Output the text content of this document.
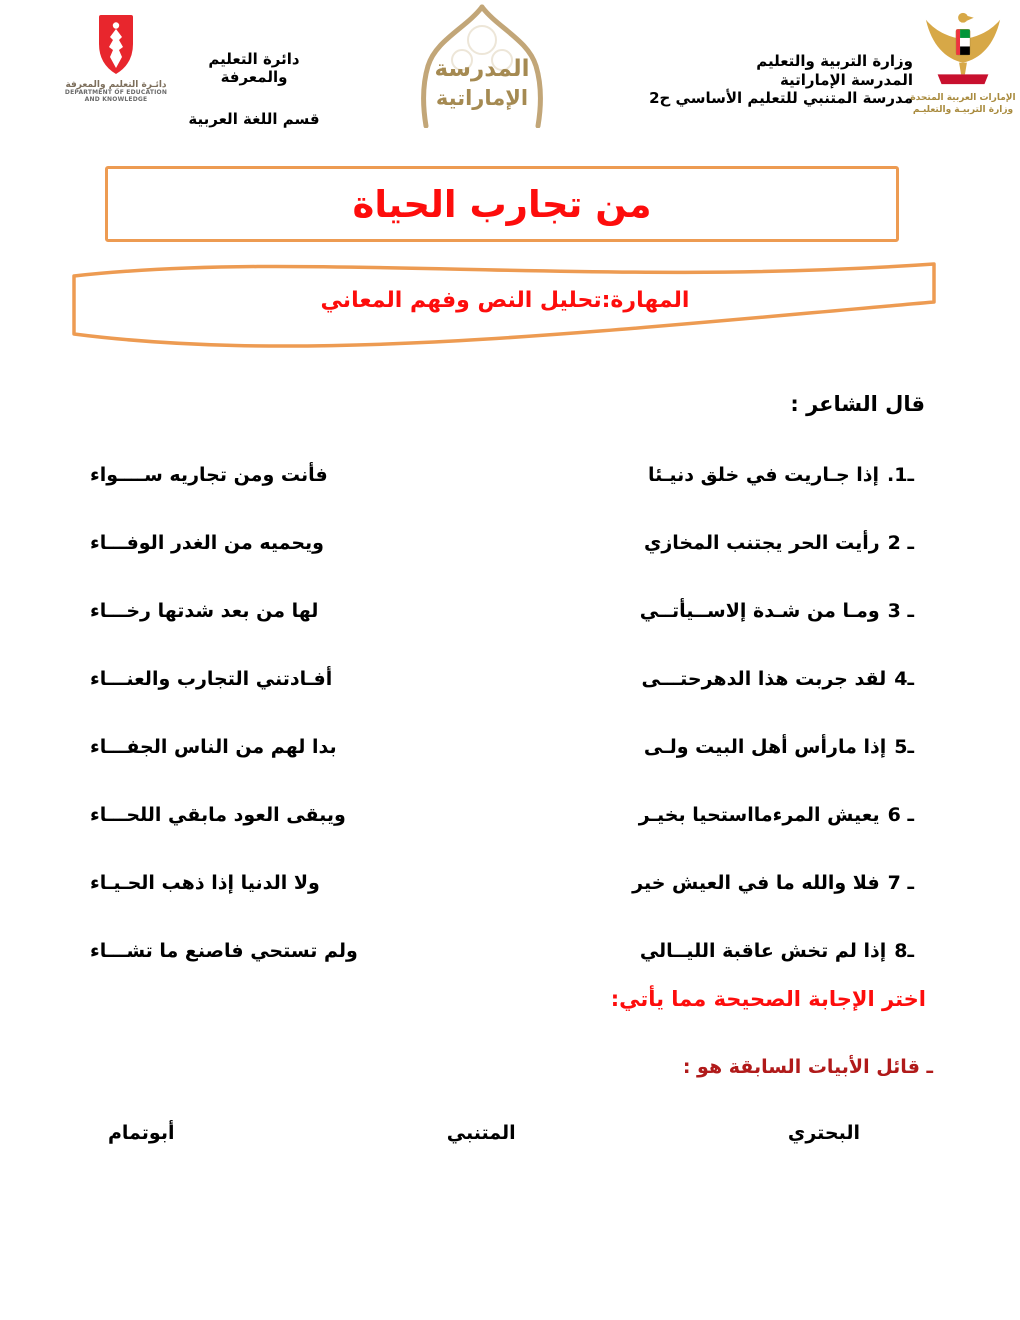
دائـرة التعليم والمعرفة
DEPARTMENT OF EDUCATION
AND KNOWLEDGE
دائرة التعليم والمعرفة
قسم اللغة العربية
المدرسة
الإماراتية
وزارة التربية والتعليم
المدرسة الإماراتية
مدرسة المتنبي للتعليم الأساسي ح2
الإمارات العربية المتحدة
وزارة التربيـة والتعليـم
من تجارب الحياة
المهارة:تحليل النص وفهم المعاني
قال الشاعر :
.1ـإذا جـاريت في خلق دنيـئا
فأنت ومن تجاريه ســــواء
2 ـرأيت الحر يجتنب المخازي
ويحميه من الغدر الوفـــاء
3 ـومـا من شـدة إلاســيأتــي
لها من بعد شدتها رخـــاء
4ـلقد جربت هذا الدهرحتـــى
أفـادتني التجارب والعنـــاء
5ـإذا مارأس أهل البيت ولـى
بدا لهم من الناس الجفـــاء
6 ـيعيش المرءمااستحيا بخيـر
ويبقى العود مابقي اللحـــاء
7 ـفلا والله ما في العيش خير
ولا الدنيا إذا ذهب الحـيـاء
8ـإذا لم تخش عاقبة الليــالي
ولم تستحي فاصنع ما تشـــاء
اختر الإجابة الصحيحة مما يأتي:
ـ قائل الأبيات السابقة هو :
البحتري
المتنبي
أبوتمام
